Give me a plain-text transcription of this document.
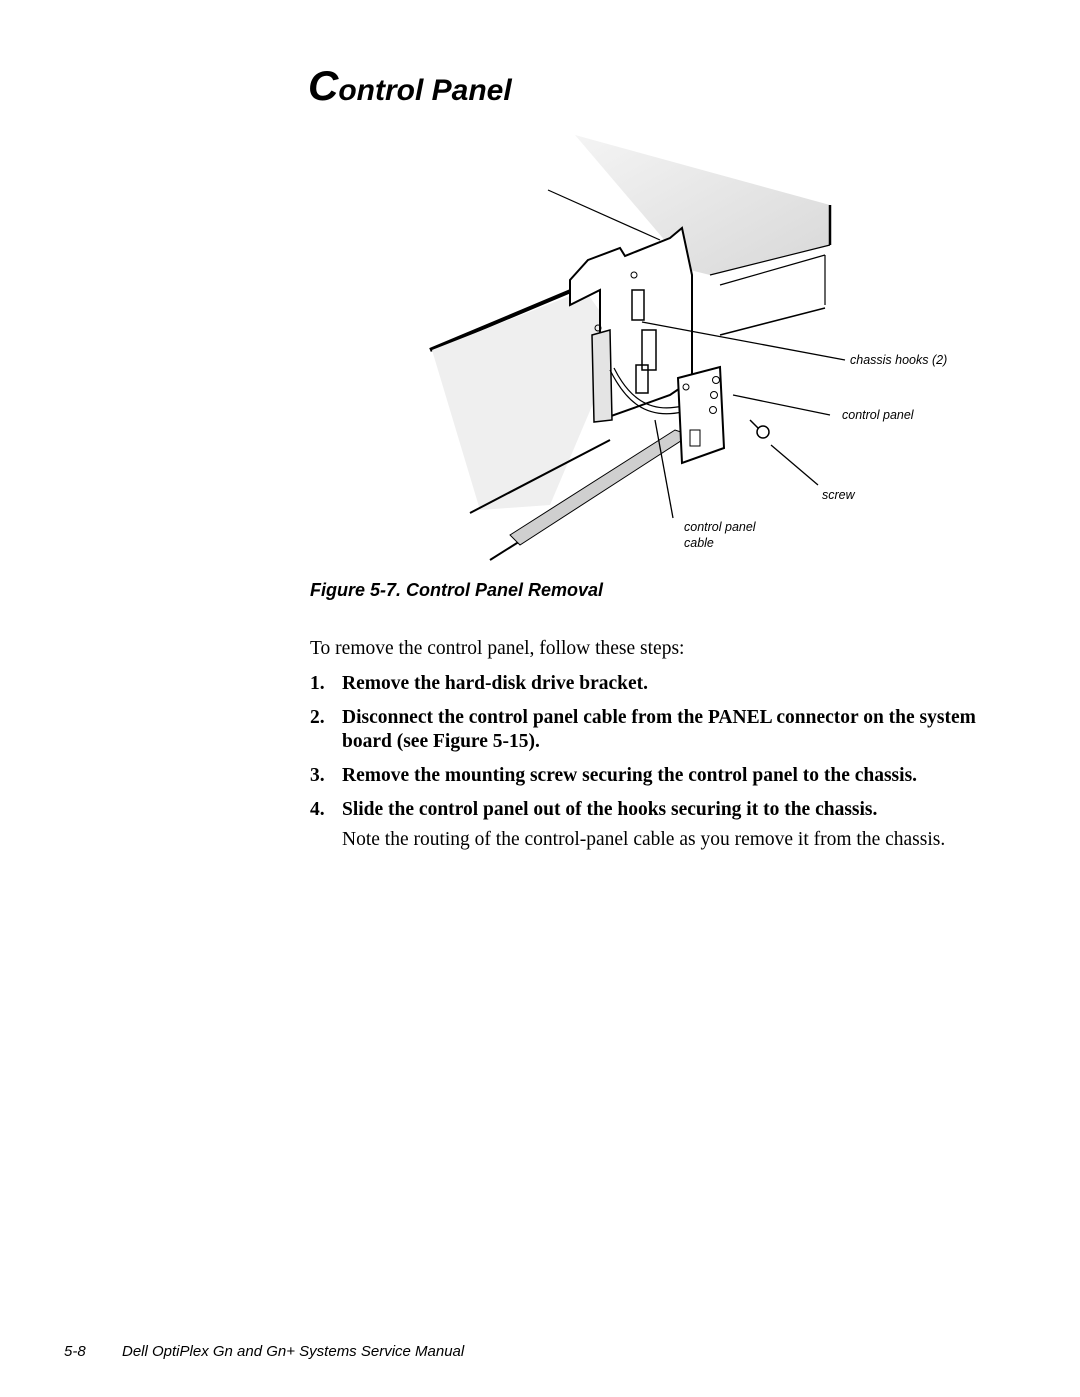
Control Panel
chassis hooks (2)
control panel
screw
control panel
cable

Figure 5-7. Control Panel Removal

To remove the control panel, follow these steps:

1. Remove the hard-disk drive bracket.
2. Disconnect the control panel cable from the PANEL connector on the system board (see Figure 5-15).
3. Remove the mounting screw securing the control panel to the chassis.
4. Slide the control panel out of the hooks securing it to the chassis.

Note the routing of the control-panel cable as you remove it from the chassis.

5-8 Dell OptiPlex Gn and Gn+ Systems Service Manual
